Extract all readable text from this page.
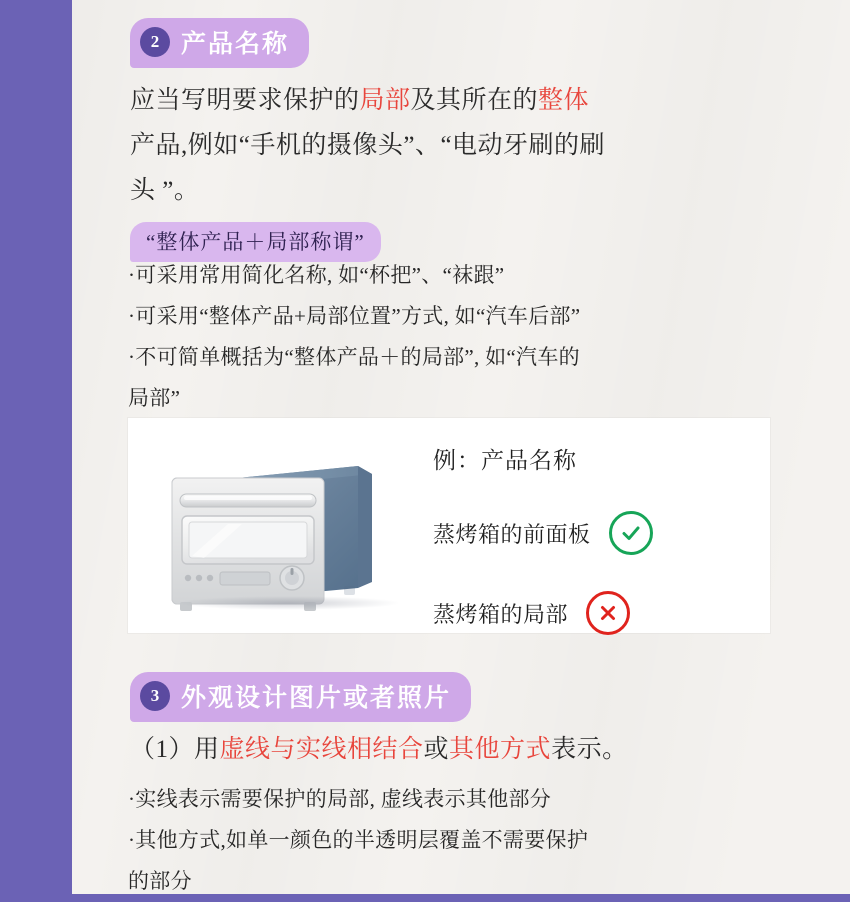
2 产品名称
应当写明要求保护的局部及其所在的整体
产品,例如“手机的摄像头”、“电动牙刷的刷
头 ”。
“整体产品＋局部称谓”
·可采用常用简化名称, 如“杯把”、“袜跟”
·可采用“整体产品+局部位置”方式, 如“汽车后部”
·不可简单概括为“整体产品＋的局部”, 如“汽车的
局部”
例：产品名称
蒸烤箱的前面板
蒸烤箱的局部
3 外观设计图片或者照片
（1）用虚线与实线相结合或其他方式表示。
·实线表示需要保护的局部, 虚线表示其他部分
·其他方式,如单一颜色的半透明层覆盖不需要保护
的部分
